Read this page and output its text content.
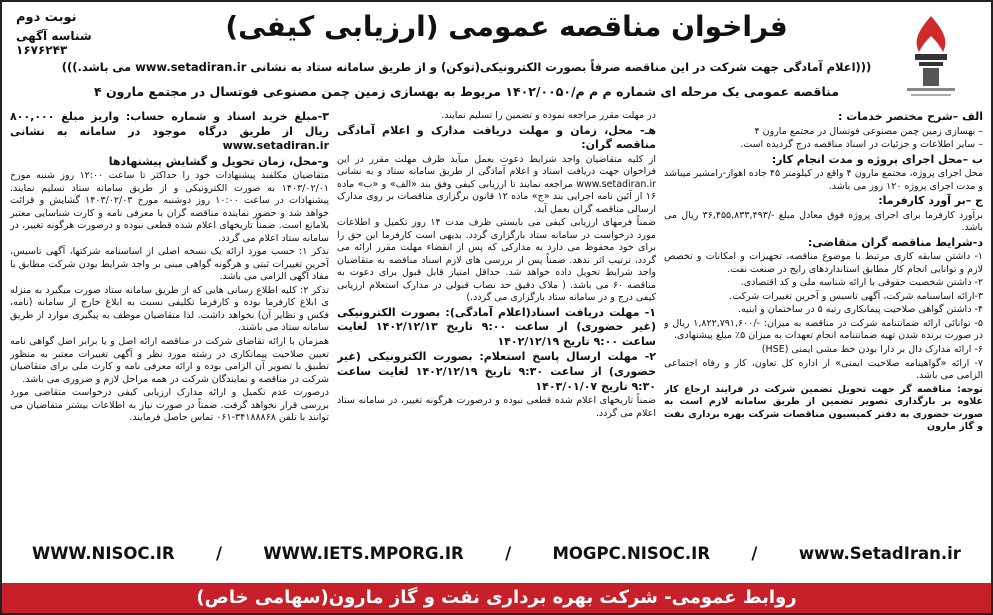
نوبت دوم
شناسه آگهی ۱۶۷۶۲۴۳
فراخوان مناقصه عمومی (ارزیابی کیفی)
(((اعلام آمادگی جهت شرکت در این مناقصه صرفاً بصورت الکترونیکی(توکن) و از طریق سامانه ستاد به نشانی www.setadiran.ir می باشد.)))
مناقصه عمومی یک مرحله ای شماره م م م/۱۴۰۲/۰۰۵۰ مربوط به بهسازی زمین چمن مصنوعی فوتسال در مجتمع مارون ۴

الف –شرح مختصر خدمات :

– بهسازی زمین چمن مصنوعی فوتسال در مجتمع مارون ۴

– سایر اطلاعات و جزئیات در اسناد مناقصه درج گردیده است.

ب –محل اجرای پروژه و مدت انجام کار:

محل اجرای پروژه، مجتمع مارون ۴ واقع در کیلومتر ۴۵ جاده اهواز-رامشیر میباشد و مدت اجرای پروژه ۱۲۰ روز می باشد.

ج –بر آورد کارفرما:

برآورد کارفرما برای اجرای پروژه فوق معادل مبلغ -/۳۶,۴۵۵,۸۳۳,۴۹۳ ریال می باشد.

د-شرایط مناقصه گران متقاضی:

۱- داشتن سابقه کاری مرتبط با موضوع مناقصه، تجهیزات و امکانات و تخصص لازم و توانایی انجام کار مطابق استانداردهای رایج در صنعت نفت.

۲- داشتن شخصیت حقوقی با ارائه شناسه ملی و کد اقتصادی.

۳-ارائه اساسنامه شرکت، آگهی تاسیس و آخرین تغییرات شرکت.

۴- داشتن گواهی صلاحیت پیمانکاری رتبه ۵ در ساختمان و ابنیه.

۵- توانائی ارائه ضمانتنامه شرکت در مناقصه به میزان: -/۱,۸۲۲,۷۹۱,۶۰۰ ریال و در صورت برنده شدن تهیه ضمانتنامه انجام تعهدات به میزان ۵٪ مبلغ پیشنهادی.

۶- ارائه مدارک دال بر دارا بودن خط مشی ایمنی (HSE)

۷- ارائه «گواهینامه صلاحیت ایمنی» از اداره کل تعاون، کار و رفاه اجتماعی الزامی می باشد.

توجه: مناقصه گر جهت تحویل تضمین شرکت در فرایند ارجاع کار علاوه بر بارگذاری تصویر تضمین از طریق سامانه لازم است به صورت حضوری به دفتر کمیسیون مناقصات شرکت بهره برداری نفت و گاز مارون

در مهلت مقرر مراجعه نموده و تضمین را تسلیم نمایند.

هـ- محل، زمان و مهلت دریافت مدارک و اعلام آمادگی مناقصه گران:

از کلیه متقاضیان واجد شرایط دعوت بعمل میآید ظرف مهلت مقرر در این فراخوان جهت دریافت اسناد و اعلام آمادگی از طریق سامانه ستاد و به نشانی www.setadiran.ir مراجعه نمایند تا ارزیابی کیفی وفق بند «الف» و «ب» ماده ۱۶ از آئین نامه اجرایی بند «ج» ماده ۱۲ قانون برگزاری مناقصات بر روی مدارک ارسالی مناقصه گران بعمل آید.

ضمناً فرمهای ارزیابی کیفی می بایستی ظرف مدت ۱۴ روز تکمیل و اطلاعات مورد درخواست در سامانه ستاد بارگزاری گردد. بدیهی است کارفرما این حق را برای خود محفوظ می دارد به مدارکی که پس از انقضاء مهلت مقرر ارائه می گردد، ترتیب اثر ندهد. ضمناً پس از بررسی های لازم اسناد مناقصه به متقاضیان واجد شرایط تحویل داده خواهد شد. حداقل امتیاز قابل قبول برای دعوت به مناقصه ۶۰ می باشد. ( ملاک دقیق حد نصاب قبولی در مدارک استعلام ارزیابی کیفی درج و در سامانه ستاد بارگزاری می گردد.)

۱- مهلت دریافت اسناد(اعلام آمادگی): بصورت الکترونیکی (غیر حضوری) از ساعت ۹:۰۰ تاریخ ۱۴۰۲/۱۲/۱۳ لغایت ساعت ۹:۰۰ تاریخ ۱۴۰۲/۱۲/۱۹

۲- مهلت ارسال پاسخ استعلام: بصورت الکترونیکی (غیر حضوری) از ساعت ۹:۳۰ تاریخ ۱۴۰۲/۱۲/۱۹ لغایت ساعت ۹:۳۰ تاریخ ۱۴۰۳/۰۱/۰۷

ضمناً تاریخهای اعلام شده قطعی نبوده و درصورت هرگونه تغییر، در سامانه ستاد اعلام می گردد.

۳-مبلغ خرید اسناد و شماره حساب: واریز مبلغ ۸۰۰,۰۰۰ ریال از طریق درگاه موجود در سامانه به نشانی www.setadiran.ir

و-محل، زمان تحویل و گشایش پیشنهادها

متقاضیان مکلفند پیشنهادات خود را حداکثر تا ساعت ۱۲:۰۰ روز شنبه مورخ ۱۴۰۳/۰۲/۰۱ به صورت الکترونیکی و از طریق سامانه ستاد تسلیم نمایند. پیشنهادات در ساعت ۱۰:۰۰ روز دوشنبه مورخ ۱۴۰۳/۰۲/۰۳ گشایش و قرائت خواهد شد و حضور نماینده مناقصه گران با معرفی نامه و کارت شناسایی معتبر بلامانع است. ضمناً تاریخهای اعلام شده قطعی نبوده و درصورت هرگونه تغییر، در سامانه ستاد اعلام می گردد.

تذکر ۱: حسب مورد ارائه یک نسخه اصلی از اساسنامه شرکتها، آگهی تاسیس، آخرین تغییرات ثبتی و هرگونه گواهی مبنی بر واجد شرایط بودن شرکت مطابق با مفاد آگهی الزامی می باشد.

تذکر ۲: کلیه اطلاع رسانی هایی که از طریق سامانه ستاد صورت میگیرد به منزله ی ابلاغ کارفرما بوده و کارفرما تکلیفی نسبت به ابلاغ خارج از سامانه (نامه، فکس و نظایر آن) نخواهد داشت. لذا متقاضیان موظف به پیگیری موارد از طریق سامانه ستاد می باشند.

همزمان با ارائه تقاضای شرکت در مناقصه ارائه اصل و یا برابر اصل گواهی نامه تعیین صلاحیت پیمانکاری در رشته مورد نظر و آگهی تغییرات معتبر به منظور تطبیق با تصویر آن الزامی بوده و ارائه معرفی نامه و کارت ملی برای متقاضیان شرکت در مناقصه و نمایندگان شرکت در همه مراحل لازم و ضروری می باشد.

درصورت عدم تکمیل و ارائه مدارک ارزیابی کیفی درخواست متقاضی مورد بررسی قرار نخواهد گرفت. ضمناً در صورت نیاز به اطلاعات بیشتر متقاضیان می توانند با تلفن ۳۴۱۸۸۸۶۸-۰۶۱ تماس حاصل فرمایند.

WWW.NISOC.IR	/	WWW.IETS.MPORG.IR	/	MOGPC.NISOC.IR	/	www.SetadIran.ir
روابط عمومی- شرکت بهره برداری نفت و گاز مارون(سهامی خاص)
